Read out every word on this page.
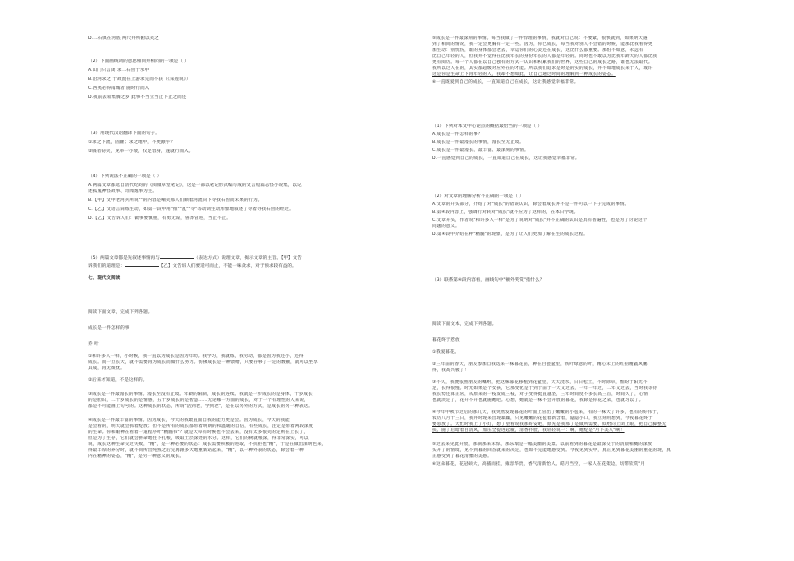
D.二石俱在河底 两尺并所俯以笑之
（2）下面画线词的意思相同并相同的一项是（ ）
A.山门只言闭 求二石兽于水中
B.沿河求之 于故置在上游求完而不获（《采莲说》）
C.西夷必得南城者 随时行而入
D.夜前去易集腾之岁 此事不当立当止下止之而还
（3）用现代汉语翻译下面的句子。
①求之下流，固颠；求之地中，不更颠乎？
②牒者窃笑，见举一小衰，仅足容身，遂就行而入。
（4）下列说法不正确的一项是（ ）
A.两篇文章都选自清代纪昀的《阅微草堂笔记》，这是一部以笔记形式编写成的文言短篇志怪小说集，以记
述狐鬼神怪故事、奇闻逸事为主。
B.【甲】文中老河兵所说""的内容是嘲笑那人们顺着河流向下寻找石兽而未果的行为。
C.【乙】文语言简练生动，如第一段中用"推""乱""寻"等动词生动形象地叙述了寻着寻找石兽的经过。
D.【乙】文告诉人们：做事要慎重，有勇无谋，鲁莽冒进，当止不止。
（5）两篇文章都是先叙述事情再与	（表达方式）说理文章，揭示文章的主旨。【甲】文告
诉我们的道理是：	【乙】文告诉人们要适可而止，不能一味贪求，对于预求较有益的。
七、现代文阅读
阅读下面文章，完成下列各题。
成长是一件怎样的事
乔 叶
①和许多人一样，小时候，我一直以为成长是因为年幼。我学习，我就练，我劳动，都是因为我还小，还得
成长。而一旦长大，就不需要再为成长而做什么努力。仿佛成长是一种馈赠，只要存够了一定的数额，就可以坐享
其成，再无烦忧。
②后来才知道，不是这样的。
③成长是一件最漫长的事情。漫长至没有止境。年龄的限制，成长的连续。我就是一步成长的是身体，十岁成长
的是胆识，二十岁成长的是情感，五十岁成长的是智慧……无论哪一方面的成长，对于一个有理性的人来说，
都是不可能画上句号的。这种成长的状态，所谓"活到老，学到老"，是在以另外的方式，是成长的另一种表达。
④成长是一件最丰富的事情。因为成长，今天的我敢直面自我的能力更是会。因为成长，今天的我能
是会看的，明天就会抓着绽放；但不是所有的成长都带着明朗的和温暖的自信，有些成长，注定是带着两段深度
的生命。你和眼神在看着一道程序叶"精髓书"？就是天草有时候也不会去来，没有太多很笑的定则在上长了，
但是为了生存，它们就会拼命地往下扎根，吸取土层深处的水分。这样，它们的树就根深，得非常深实，可以
说，成长这种生命交过失败，"精"，是一种必要的状态：成长需要积极的进取，不抗拒也"精"，于是在做出深明色来，
得最丰厚的养分时，就不同所出纯熟之后完再跟多大地重新站起来，"精"，以一种外表的状态，除会着一种
内在精神的姿态，"精"，是另一种意义的成长。
⑤成长是一件最深刻的事情。每当我做了一件悖理的事情，我就对自己说：不要紧，很快就到，如果明天遇
到了相同的情况，我一定会更胸有一定一些。因为，你已成长，每当我对别人不会错的时候，能那比我看得更
加生动：别忧伤，谁的身体都会老去，幸运你们的心灵还在成长，这比什么都重要。那怕不如意，永远有
比自己年轻的人，但我并不觉得在比我年长的身份年长的人都是年轻的。同时也不敢以为比我年龄大的人都比我
更有阅历。每一个人都在以自己独有的方式一认识和积累我们的世界，这些自己的成长之路，谁也无法取代。
我所以过人在的，其实都超级对应外在的才能。所以我们追求是时是的实的成长，并不如地成长来于人，或许
这是你是生命上下再年轻的人，我却不想如此，让自己通过时间的理解到一种成长的姿态。
⑥一直既爱到自己的成长，一直知道自己在成长，这让我感觉幸福非常。
（1）下列对本文中心论点的概括最恰当的一项是（ ）
A.成长是一件怎样的事？
B.成长是一件最漫长的事情，漫长至无止境。
C.成长是一件最漫长、最丰富、最深刻的事情。
D.一直感觉到自己的成长，一直知道自己在成长，这让我感觉幸福非常。
（2）对文章的理解分析不正确的一项是（ ）
A.文章的开头部分，介绍了对"成长"的错误认识，除会着成长并不是一件可以一下子完成的事情。
B.第④段内容上，强调行对转对"成长"就不应为了这样的，在本日学现。
C.文章开头，作者说"和许多人一样"是为了说明对"成长"并不正确的认识是具有普遍性，也是为了讨论这个
问题的意义。
D.第④段中介绍在秤"精髓"的现象，是为了让人们更加了解在生的成长过程。
（3）联系第④段内容看，画线句中"额外奖赏"指什么？
阅读下面文本，完成下列各题。
暮花终于惹放
①我爱暮花。
②三年前的春天，朋友参加自我选来一株暮花苗，种在白瓷盆里，铁叶绿意的叶，精心禾上的红扭精蔬风鹏
得，我高兴极了！
③不久，我便依照朋友的嘱咐，把这株暮花移植到花盆里，天天浇水，日日松土，不时除草，惟盼于阳光不
足，长得很慢。时光如果是个女孩，它那变化是于到于前于一天又过去，一年一年过，二年又过去，当时我等待
我长势还算正常，从原来的一枝发成三枝，对子变得挺直越坚，三年时间度不多长高三首，时间久了，心情
也就淡定了，花开不开也就随她吧。心想，她就是一株不会开放的暮花，我除是你花之朵，也就习以了。
④今年中秋节过后的那几天，我突然发现暮花的叶面上冒出了嫩嫩的小苞来，有的一株大了许多，也有的好伟于，
农历八月十三日，我并时现来出现暴躁，只见嫩嫩的花苞着新含着，隐隐小口，我立刻用想到，今夜暮花终于
要怒放了。天忙时我上了小灯，想了望看说我那好安吧，原先是我那了是做所需要，似给向上闭上眼，把自己脚整无
扶、随了后暗着目清风，加压全提进起履，清香扑脸，我轻轻说一：啊，她绽是"月下美人"啊！
⑤过去来见此开放，那刹那来未惊，那乐瑞是一幅美幽的美景。以前看到的暮花是最深交于的清晨相概的深放
头开了的情境，见不到暮的回答就来的决定，也如不完能地感受到。今夜见到实中，真正见到暮花美丽的重花的现，真
正感受到了暮花清雅的美感。
⑥这朵暮花，花冠硕大，高插而挂，雍容华贵，香气清新怡人。皓月当空，一家人在花架边，切带钦赏"月
